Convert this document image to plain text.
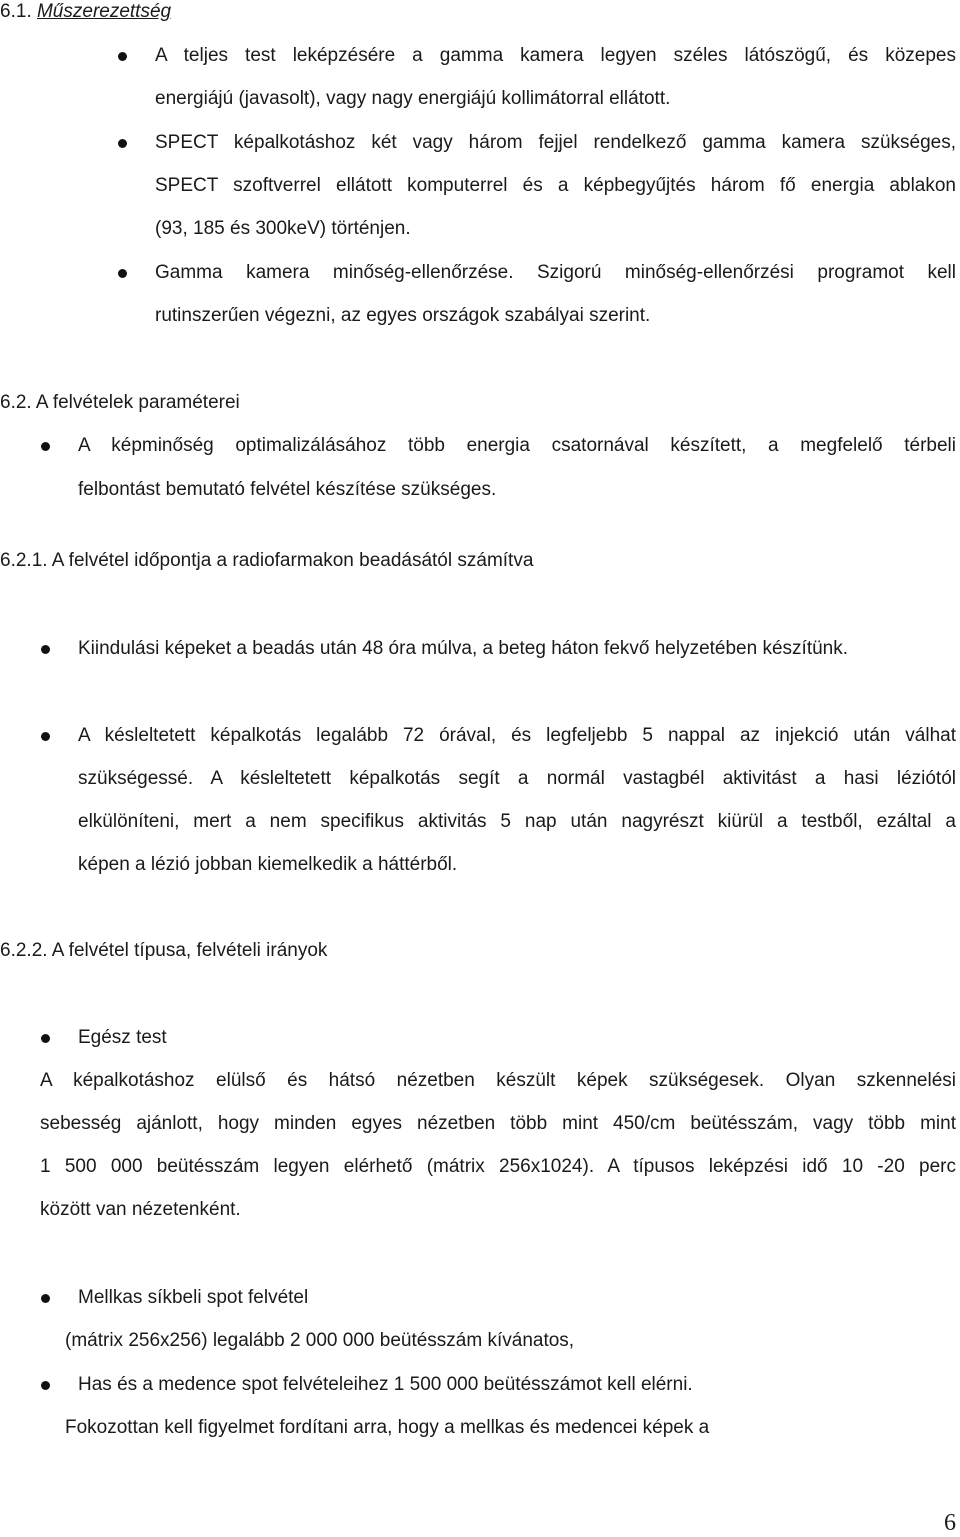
6.1. Műszerezettség
A teljes test leképzésére a gamma kamera legyen széles látószögű, és közepes
energiájú (javasolt), vagy nagy energiájú kollimátorral ellátott.
SPECT képalkotáshoz két vagy három fejjel rendelkező gamma kamera szükséges,
SPECT szoftverrel ellátott komputerrel és a képbegyűjtés három fő energia ablakon
(93, 185 és 300keV) történjen.
Gamma kamera minőség-ellenőrzése. Szigorú minőség-ellenőrzési programot kell
rutinszerűen végezni, az egyes országok szabályai szerint.
6.2. A felvételek paraméterei
A képminőség optimalizálásához több energia csatornával készített, a megfelelő térbeli
felbontást bemutató felvétel készítése szükséges.
6.2.1. A felvétel időpontja a radiofarmakon beadásától számítva
Kiindulási képeket a beadás után 48 óra múlva, a beteg háton fekvő helyzetében készítünk.
A késleltetett képalkotás legalább 72 órával, és legfeljebb 5 nappal az injekció után válhat
szükségessé. A késleltetett képalkotás segít a normál vastagbél aktivitást a hasi léziótól
elkülöníteni, mert a nem specifikus aktivitás 5 nap után nagyrészt kiürül a testből, ezáltal a
képen a lézió jobban kiemelkedik a háttérből.
6.2.2. A felvétel típusa, felvételi irányok
Egész test
A képalkotáshoz elülső és hátsó nézetben készült képek szükségesek. Olyan szkennelési
sebesség ajánlott, hogy minden egyes nézetben több mint 450/cm beütésszám, vagy több mint
1 500 000 beütésszám legyen elérhető (mátrix 256x1024). A típusos leképzési idő 10 -20 perc
között van nézetenként.
Mellkas síkbeli spot felvétel
(mátrix 256x256) legalább 2 000 000 beütésszám kívánatos,
Has és a medence spot felvételeihez 1 500 000 beütésszámot kell elérni.
Fokozottan kell figyelmet fordítani arra, hogy a mellkas és medencei képek a
6
